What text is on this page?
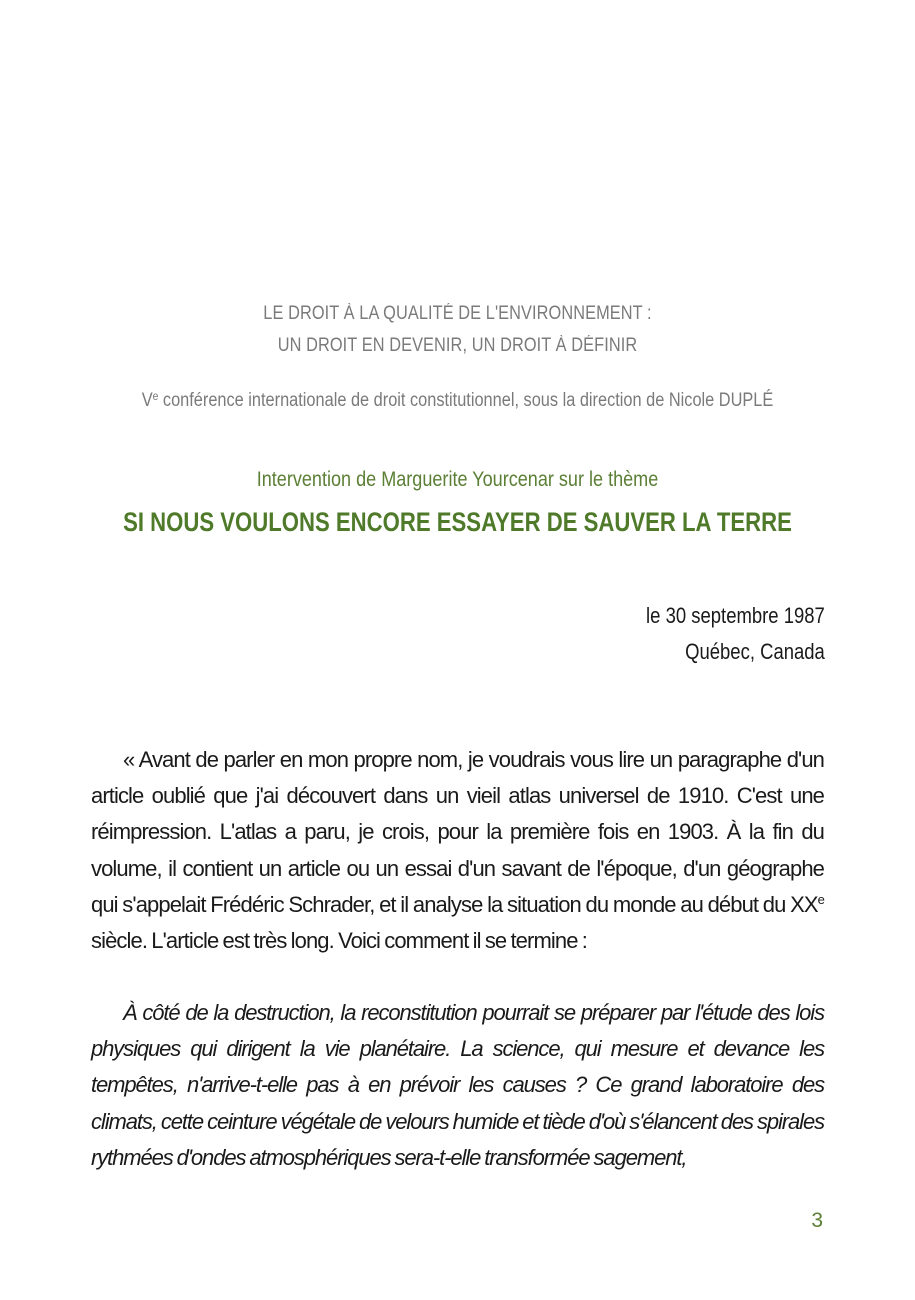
LE DROIT À LA QUALITÉ DE L'ENVIRONNEMENT :
UN DROIT EN DEVENIR, UN DROIT À DÉFINIR
Ve conférence internationale de droit constitutionnel, sous la direction de Nicole DUPLÉ
Intervention de Marguerite Yourcenar sur le thème
SI NOUS VOULONS ENCORE ESSAYER DE SAUVER LA TERRE
le 30 septembre 1987
Québec, Canada

« Avant de parler en mon propre nom, je voudrais vous lire un paragraphe d'un article oublié que j'ai découvert dans un vieil atlas universel de 1910. C'est une réimpression. L'atlas a paru, je crois, pour la première fois en 1903. À la fin du volume, il contient un article ou un essai d'un savant de l'époque, d'un géographe qui s'appelait Frédéric Schrader, et il analyse la situation du monde au début du XXe siècle. L'article est très long. Voici comment il se termine :

À côté de la destruction, la reconstitution pourrait se préparer par l'étude des lois physiques qui dirigent la vie planétaire. La science, qui mesure et devance les tempêtes, n'arrive-t-elle pas à en prévoir les causes ? Ce grand laboratoire des climats, cette ceinture végétale de velours humide et tiède d'où s'élancent des spirales rythmées d'ondes atmosphériques sera-t-elle transformée sagement,

3
